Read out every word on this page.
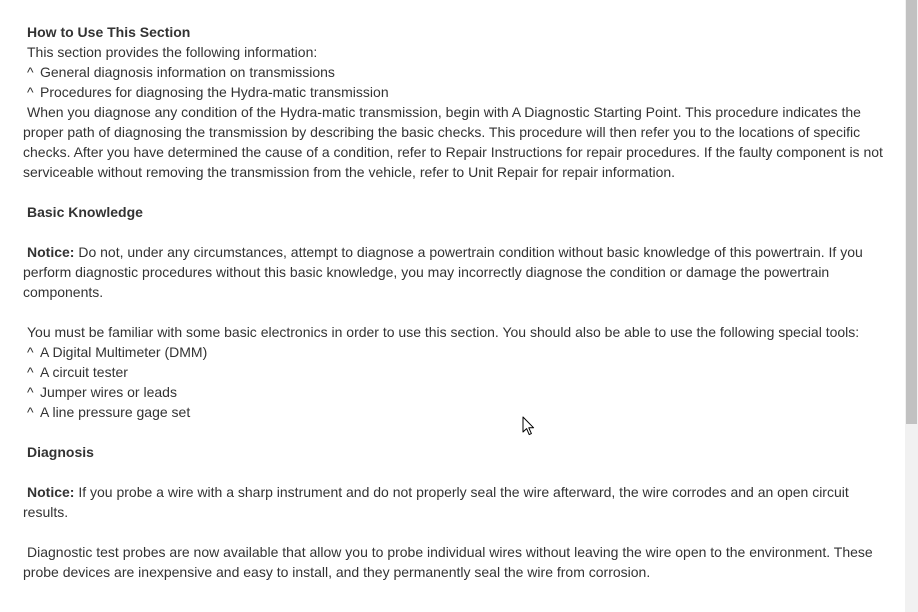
How to Use This Section
This section provides the following information:
^ General diagnosis information on transmissions
^ Procedures for diagnosing the Hydra-matic transmission
When you diagnose any condition of the Hydra-matic transmission, begin with A Diagnostic Starting Point. This procedure indicates the proper path of diagnosing the transmission by describing the basic checks. This procedure will then refer you to the locations of specific checks. After you have determined the cause of a condition, refer to Repair Instructions for repair procedures. If the faulty component is not serviceable without removing the transmission from the vehicle, refer to Unit Repair for repair information.
Basic Knowledge
Notice: Do not, under any circumstances, attempt to diagnose a powertrain condition without basic knowledge of this powertrain. If you perform diagnostic procedures without this basic knowledge, you may incorrectly diagnose the condition or damage the powertrain components.
You must be familiar with some basic electronics in order to use this section. You should also be able to use the following special tools:
^ A Digital Multimeter (DMM)
^ A circuit tester
^ Jumper wires or leads
^ A line pressure gage set
Diagnosis
Notice: If you probe a wire with a sharp instrument and do not properly seal the wire afterward, the wire corrodes and an open circuit results.
Diagnostic test probes are now available that allow you to probe individual wires without leaving the wire open to the environment. These probe devices are inexpensive and easy to install, and they permanently seal the wire from corrosion.
